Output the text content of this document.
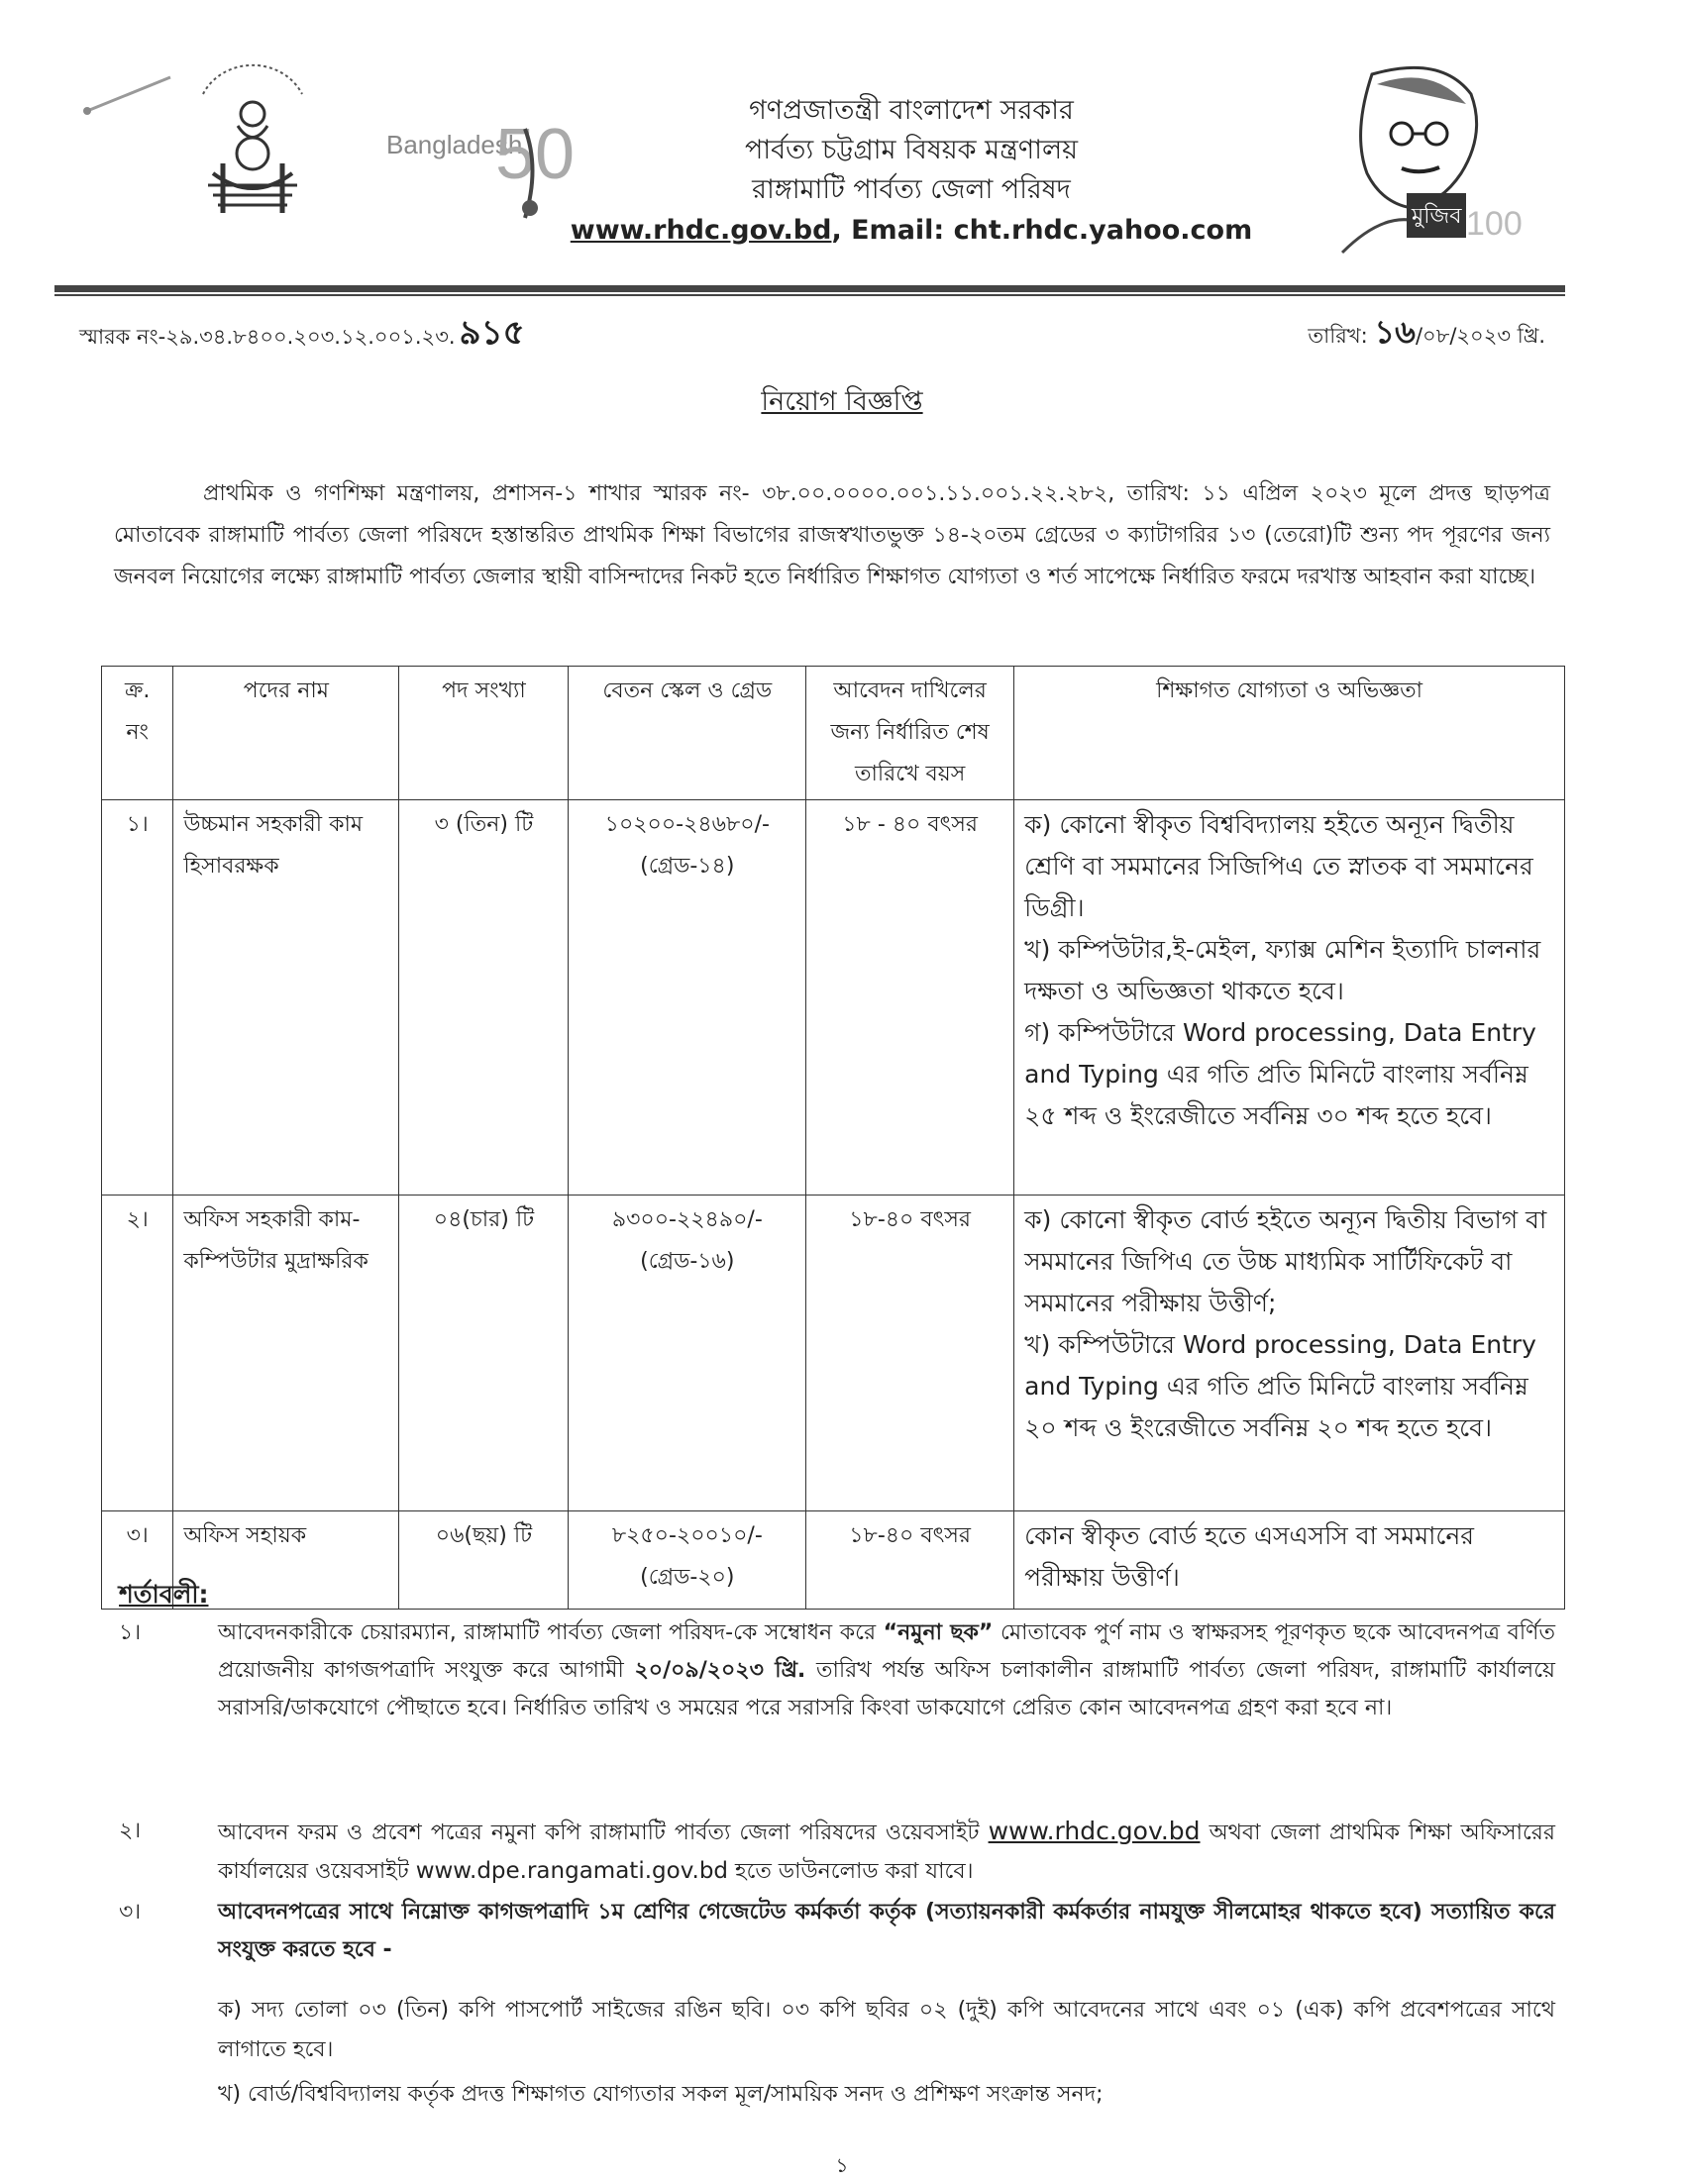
Bangladesh
50
গণপ্রজাতন্ত্রী বাংলাদেশ সরকার
পার্বত্য চট্টগ্রাম বিষয়ক মন্ত্রণালয়
রাঙ্গামাটি পার্বত্য জেলা পরিষদ
www.rhdc.gov.bd, Email: cht.rhdc.yahoo.com	মুজিব 100
স্মারক নং-২৯.৩৪.৮৪০০.২০৩.১২.০০১.২৩. ৯১৫	তারিখ: ১৬/০৮/২০২৩ খ্রি.
নিয়োগ বিজ্ঞপ্তি
প্রাথমিক ও গণশিক্ষা মন্ত্রণালয়, প্রশাসন-১ শাখার স্মারক নং- ৩৮.০০.০০০০.০০১.১১.০০১.২২.২৮২, তারিখ: ১১ এপ্রিল ২০২৩ মূলে প্রদত্ত ছাড়পত্র মোতাবেক রাঙ্গামাটি পার্বত্য জেলা পরিষদে হস্তান্তরিত প্রাথমিক শিক্ষা বিভাগের রাজস্বখাতভুক্ত ১৪-২০তম গ্রেডের ৩ ক্যাটাগরির ১৩ (তেরো)টি শুন্য পদ পূরণের জন্য জনবল নিয়োগের লক্ষ্যে রাঙ্গামাটি পার্বত্য জেলার স্থায়ী বাসিন্দাদের নিকট হতে নির্ধারিত শিক্ষাগত যোগ্যতা ও শর্ত সাপেক্ষে নির্ধারিত ফরমে দরখাস্ত আহবান করা যাচ্ছে।
ক্র. নং	পদের নাম	পদ সংখ্যা	বেতন স্কেল ও গ্রেড	আবেদন দাখিলের জন্য নির্ধারিত শেষ তারিখে বয়স	শিক্ষাগত যোগ্যতা ও অভিজ্ঞতা
১।	উচ্চমান সহকারী কাম হিসাবরক্ষক	৩ (তিন) টি	১০২০০-২৪৬৮০/- (গ্রেড-১৪)	১৮ - ৪০ বৎসর	ক) কোনো স্বীকৃত বিশ্ববিদ্যালয় হইতে অন্যূন দ্বিতীয় শ্রেণি বা সমমানের সিজিপিএ তে স্নাতক বা সমমানের ডিগ্রী।
খ) কম্পিউটার,ই-মেইল, ফ্যাক্স মেশিন ইত্যাদি চালনার দক্ষতা ও অভিজ্ঞতা থাকতে হবে।
গ) কম্পিউটারে Word processing, Data Entry and Typing এর গতি প্রতি মিনিটে বাংলায় সর্বনিম্ন ২৫ শব্দ ও ইংরেজীতে সর্বনিম্ন ৩০ শব্দ হতে হবে।
২।	অফিস সহকারী কাম-কম্পিউটার মুদ্রাক্ষরিক	০৪(চার) টি	৯৩০০-২২৪৯০/- (গ্রেড-১৬)	১৮-৪০ বৎসর	ক) কোনো স্বীকৃত বোর্ড হইতে অন্যূন দ্বিতীয় বিভাগ বা সমমানের জিপিএ তে উচ্চ মাধ্যমিক সার্টিফিকেট বা সমমানের পরীক্ষায় উত্তীর্ণ;
খ) কম্পিউটারে Word processing, Data Entry and Typing এর গতি প্রতি মিনিটে বাংলায় সর্বনিম্ন ২০ শব্দ ও ইংরেজীতে সর্বনিম্ন ২০ শব্দ হতে হবে।
৩।	অফিস সহায়ক	০৬(ছয়) টি	৮২৫০-২০০১০/- (গ্রেড-২০)	১৮-৪০ বৎসর	কোন স্বীকৃত বোর্ড হতে এসএসসি বা সমমানের পরীক্ষায় উত্তীর্ণ।
শর্তাবলী:
১।	আবেদনকারীকে চেয়ারম্যান, রাঙ্গামাটি পার্বত্য জেলা পরিষদ-কে সম্বোধন করে “নমুনা ছক” মোতাবেক পুর্ণ নাম ও স্বাক্ষরসহ পূরণকৃত ছকে আবেদনপত্র বর্ণিত প্রয়োজনীয় কাগজপত্রাদি সংযুক্ত করে আগামী ২০/০৯/২০২৩ খ্রি. তারিখ পর্যন্ত অফিস চলাকালীন রাঙ্গামাটি পার্বত্য জেলা পরিষদ, রাঙ্গামাটি কার্যালয়ে সরাসরি/ডাকযোগে পৌছাতে হবে। নির্ধারিত তারিখ ও সময়ের পরে সরাসরি কিংবা ডাকযোগে প্রেরিত কোন আবেদনপত্র গ্রহণ করা হবে না।
২।	আবেদন ফরম ও প্রবেশ পত্রের নমুনা কপি রাঙ্গামাটি পার্বত্য জেলা পরিষদের ওয়েবসাইট www.rhdc.gov.bd অথবা জেলা প্রাথমিক শিক্ষা অফিসারের কার্যালয়ের ওয়েবসাইট www.dpe.rangamati.gov.bd হতে ডাউনলোড করা যাবে।
৩।	আবেদনপত্রের সাথে নিম্নোক্ত কাগজপত্রাদি ১ম শ্রেণির গেজেটেড কর্মকর্তা কর্তৃক (সত্যায়নকারী কর্মকর্তার নামযুক্ত সীলমোহর থাকতে হবে) সত্যায়িত করে সংযুক্ত করতে হবে -
ক) সদ্য তোলা ০৩ (তিন) কপি পাসপোর্ট সাইজের রঙিন ছবি। ০৩ কপি ছবির ০২ (দুই) কপি আবেদনের সাথে এবং ০১ (এক) কপি প্রবেশপত্রের সাথে লাগাতে হবে।
খ) বোর্ড/বিশ্ববিদ্যালয় কর্তৃক প্রদত্ত শিক্ষাগত যোগ্যতার সকল মূল/সাময়িক সনদ ও প্রশিক্ষণ সংক্রান্ত সনদ;
১
